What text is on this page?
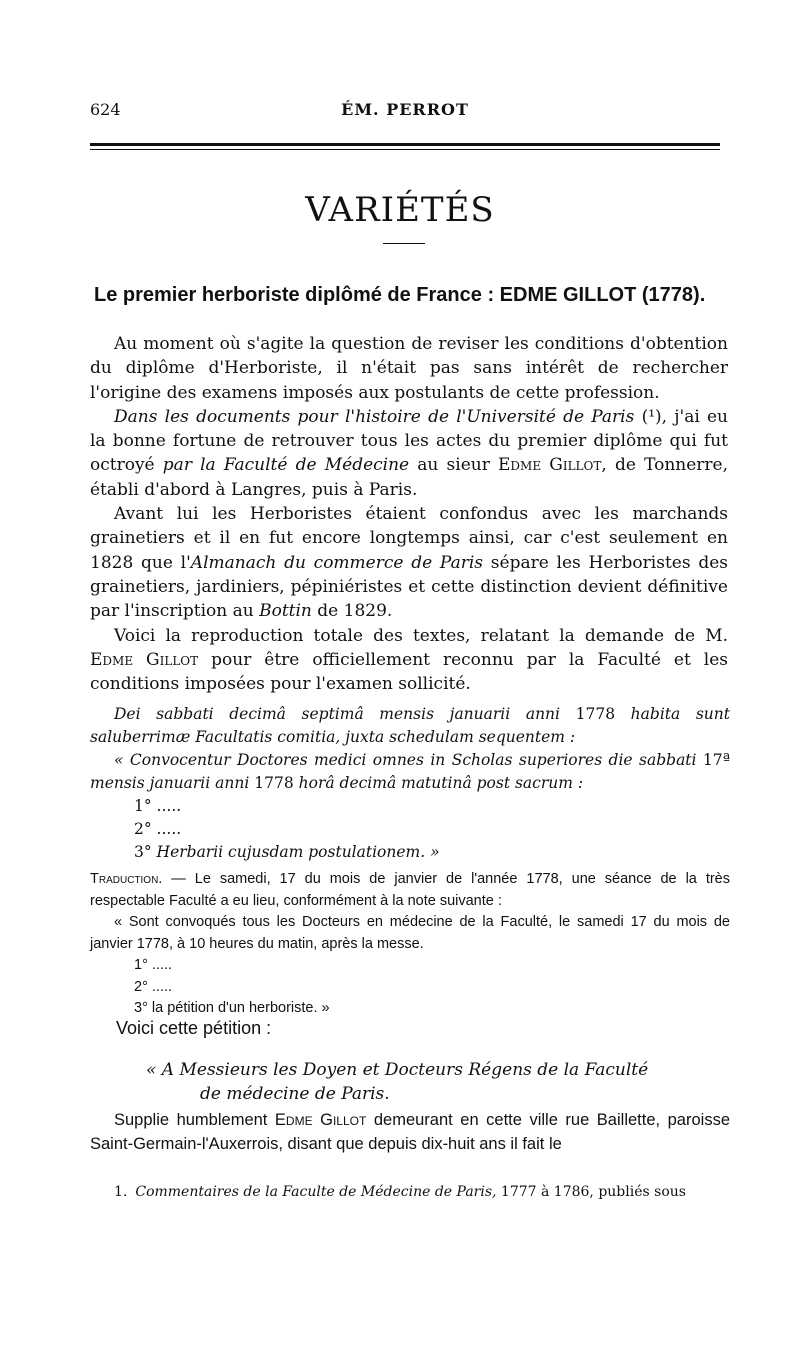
624	ÉM. PERROT
VARIÉTÉS
Le premier herboriste diplômé de France : EDME GILLOT (1778).

Au moment où s'agite la question de reviser les conditions d'obtention du diplôme d'Herboriste, il n'était pas sans intérêt de rechercher l'origine des examens imposés aux postulants de cette profession.

Dans les documents pour l'histoire de l'Université de Paris (¹), j'ai eu la bonne fortune de retrouver tous les actes du premier diplôme qui fut octroyé par la Faculté de Médecine au sieur Edme Gillot, de Tonnerre, établi d'abord à Langres, puis à Paris.

Avant lui les Herboristes étaient confondus avec les marchands grainetiers et il en fut encore longtemps ainsi, car c'est seulement en 1828 que l'Almanach du commerce de Paris sépare les Herboristes des grainetiers, jardiniers, pépiniéristes et cette distinction devient définitive par l'inscription au Bottin de 1829.

Voici la reproduction totale des textes, relatant la demande de M. Edme Gillot pour être officiellement reconnu par la Faculté et les conditions imposées pour l'examen sollicité.

Dei sabbati decimâ septimâ mensis januarii anni 1778 habita sunt saluberrimæ Facultatis comitia, juxta schedulam sequentem :

« Convocentur Doctores medici omnes in Scholas superiores die sabbati 17ª mensis januarii anni 1778 horâ decimâ matutinâ post sacrum :

1° .....

2° .....

3° Herbarii cujusdam postulationem. »

Traduction. — Le samedi, 17 du mois de janvier de l'année 1778, une séance de la très respectable Faculté a eu lieu, conformément à la note suivante :

« Sont convoqués tous les Docteurs en médecine de la Faculté, le samedi 17 du mois de janvier 1778, à 10 heures du matin, après la messe.

1° .....

2° .....

3° la pétition d'un herboriste. »

Voici cette pétition :
« A Messieurs les Doyen et Docteurs Régens de la Faculté
de médecine de Paris.

Supplie humblement Edme Gillot demeurant en cette ville rue Baillette, paroisse Saint-Germain-l'Auxerrois, disant que depuis dix-huit ans il fait le

1. Commentaires de la Faculte de Médecine de Paris, 1777 à 1786, publiés sous
